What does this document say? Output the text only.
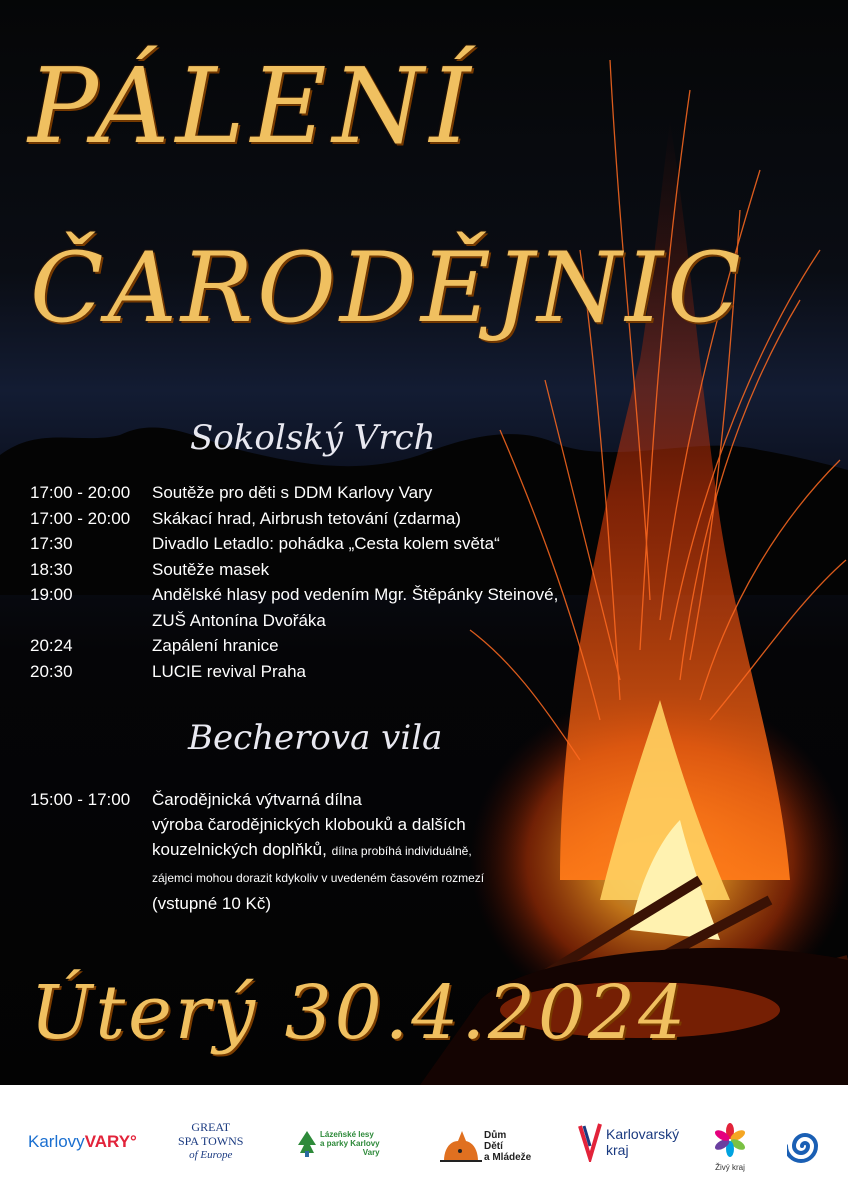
PÁLENÍ
ČARODĚJNIC
Sokolský Vrch
17:00 - 20:00	Soutěže pro děti s DDM Karlovy Vary
17:00 - 20:00	Skákací hrad, Airbrush tetování (zdarma)
17:30	Divadlo Letadlo: pohádka „Cesta kolem světa“
18:30	Soutěže masek
19:00	Andělské hlasy pod vedením Mgr. Štěpánky Steinové,
ZUŠ Antonína Dvořáka
20:24	Zapálení hranice
20:30	LUCIE revival Praha
Becherova vila
15:00 - 17:00	Čarodějnická výtvarná dílna
výroba čarodějnických klobouků a dalších
kouzelnických doplňků, dílna probíhá individuálně,
zájemci mohou dorazit kdykoliv v uvedeném časovém rozmezí
(vstupné 10 Kč)
Úterý 30.4.2024
KarlovyVARY°
GREAT
SPA TOWNS
of Europe
Lázeňské lesy
a parky Karlovy
Vary
Dům
Dětí
a Mládeže
Karlovarský
kraj
Živý kraj
